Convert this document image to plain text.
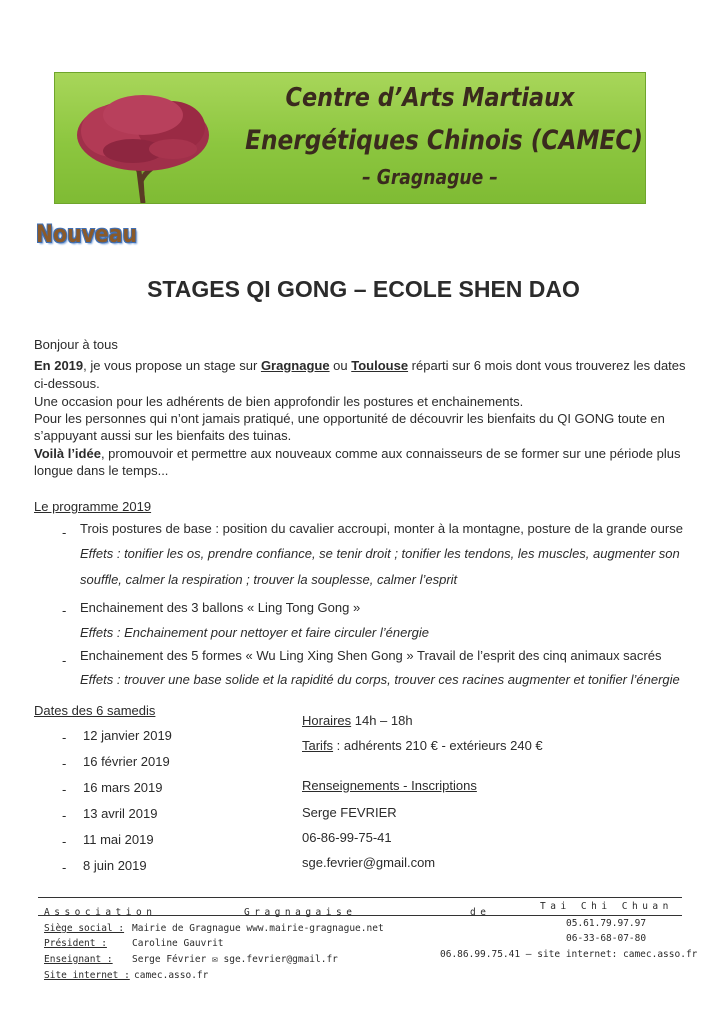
Centre d’Arts Martiaux
Energétiques Chinois (CAMEC)
– Gragnague –
Nouveau
STAGES QI GONG – ECOLE SHEN DAO
Bonjour à tous
En 2019, je vous propose un stage sur Gragnague ou Toulouse réparti sur 6 mois dont vous trouverez les dates
ci-dessous.
Une occasion pour les adhérents de bien approfondir les postures et enchainements.
Pour les personnes qui n’ont jamais pratiqué, une opportunité de découvrir les bienfaits du QI GONG toute en
s’appuyant aussi sur les bienfaits des tuinas.
Voilà l’idée, promouvoir et permettre aux nouveaux comme aux connaisseurs de se former sur une période plus
longue dans le temps...
Le programme 2019
- Trois postures de base : position du cavalier accroupi, monter à la montagne, posture de la grande ourse
Effets : tonifier les os, prendre confiance, se tenir droit ; tonifier les tendons, les muscles, augmenter son
souffle, calmer la respiration ; trouver la souplesse, calmer l’esprit
- Enchainement des 3 ballons « Ling Tong Gong »
Effets : Enchainement pour nettoyer et faire circuler l’énergie
- Enchainement des 5 formes « Wu Ling Xing Shen Gong » Travail de l’esprit des cinq animaux sacrés
Effets : trouver une base solide et la rapidité du corps, trouver ces racines augmenter et tonifier l’énergie
Dates des 6 samedis
- 12 janvier 2019
- 16 février 2019
- 16 mars 2019
- 13 avril 2019
- 11 mai 2019
- 8 juin 2019
Horaires 14h – 18h
Tarifs : adhérents 210 € - extérieurs 240 €
Renseignements - Inscriptions
Serge FEVRIER
06-86-99-75-41
sge.fevrier@gmail.com
Association	Gragnagaise	de
Tai Chi Chuan
Siège social : Mairie de Gragnague www.mairie-gragnague.net
Président :	Caroline Gauvrit
Enseignant : Serge Février ✉ sge.fevrier@gmail.fr
Site internet : camec.asso.fr
05.61.79.97.97
06-33-68-07-80
06.86.99.75.41 – site internet: camec.asso.fr
